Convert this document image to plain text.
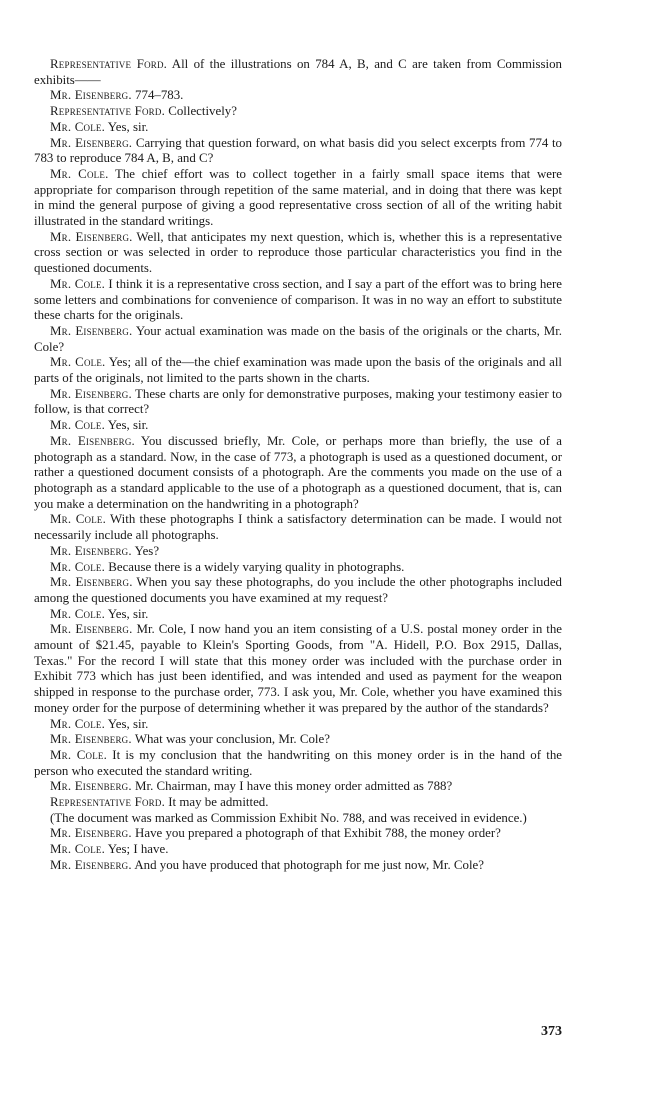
Representative Ford. All of the illustrations on 784 A, B, and C are taken from Commission exhibits——

Mr. Eisenberg. 774–783.

Representative Ford. Collectively?

Mr. Cole. Yes, sir.

Mr. Eisenberg. Carrying that question forward, on what basis did you select excerpts from 774 to 783 to reproduce 784 A, B, and C?

Mr. Cole. The chief effort was to collect together in a fairly small space items that were appropriate for comparison through repetition of the same material, and in doing that there was kept in mind the general purpose of giving a good representative cross section of all of the writing habit illustrated in the standard writings.

Mr. Eisenberg. Well, that anticipates my next question, which is, whether this is a representative cross section or was selected in order to reproduce those particular characteristics you find in the questioned documents.

Mr. Cole. I think it is a representative cross section, and I say a part of the effort was to bring here some letters and combinations for convenience of comparison. It was in no way an effort to substitute these charts for the originals.

Mr. Eisenberg. Your actual examination was made on the basis of the originals or the charts, Mr. Cole?

Mr. Cole. Yes; all of the—the chief examination was made upon the basis of the originals and all parts of the originals, not limited to the parts shown in the charts.

Mr. Eisenberg. These charts are only for demonstrative purposes, making your testimony easier to follow, is that correct?

Mr. Cole. Yes, sir.

Mr. Eisenberg. You discussed briefly, Mr. Cole, or perhaps more than briefly, the use of a photograph as a standard. Now, in the case of 773, a photograph is used as a questioned document, or rather a questioned document consists of a photograph. Are the comments you made on the use of a photograph as a standard applicable to the use of a photograph as a questioned document, that is, can you make a determination on the handwriting in a photograph?

Mr. Cole. With these photographs I think a satisfactory determination can be made. I would not necessarily include all photographs.

Mr. Eisenberg. Yes?

Mr. Cole. Because there is a widely varying quality in photographs.

Mr. Eisenberg. When you say these photographs, do you include the other photographs included among the questioned documents you have examined at my request?

Mr. Cole. Yes, sir.

Mr. Eisenberg. Mr. Cole, I now hand you an item consisting of a U.S. postal money order in the amount of $21.45, payable to Klein's Sporting Goods, from "A. Hidell, P.O. Box 2915, Dallas, Texas." For the record I will state that this money order was included with the purchase order in Exhibit 773 which has just been identified, and was intended and used as payment for the weapon shipped in response to the purchase order, 773. I ask you, Mr. Cole, whether you have examined this money order for the purpose of determining whether it was prepared by the author of the standards?

Mr. Cole. Yes, sir.

Mr. Eisenberg. What was your conclusion, Mr. Cole?

Mr. Cole. It is my conclusion that the handwriting on this money order is in the hand of the person who executed the standard writing.

Mr. Eisenberg. Mr. Chairman, may I have this money order admitted as 788?

Representative Ford. It may be admitted.

(The document was marked as Commission Exhibit No. 788, and was received in evidence.)

Mr. Eisenberg. Have you prepared a photograph of that Exhibit 788, the money order?

Mr. Cole. Yes; I have.

Mr. Eisenberg. And you have produced that photograph for me just now, Mr. Cole?

373
